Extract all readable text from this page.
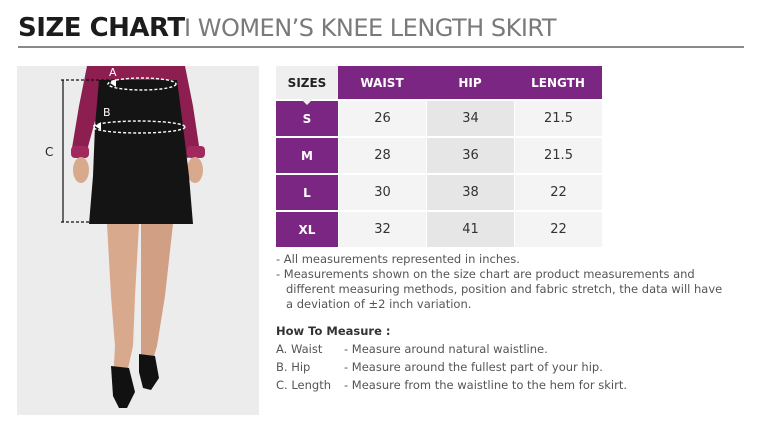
SIZE CHART I WOMEN’S KNEE LENGTH SKIRT
A
B
C
SIZES	WAIST	HIP	LENGTH
S	26	34	21.5
M	28	36	21.5
L	30	38	22
XL	32	41	22
- All measurements represented in inches.
- Measurements shown on the size chart are product measurements and
different measuring methods, position and fabric stretch, the data will have
a deviation of ±2 inch variation.
How To Measure :
A. Waist - Measure around natural waistline.
B. Hip	- Measure around the fullest part of your hip.
C. Length - Measure from the waistline to the hem for skirt.
